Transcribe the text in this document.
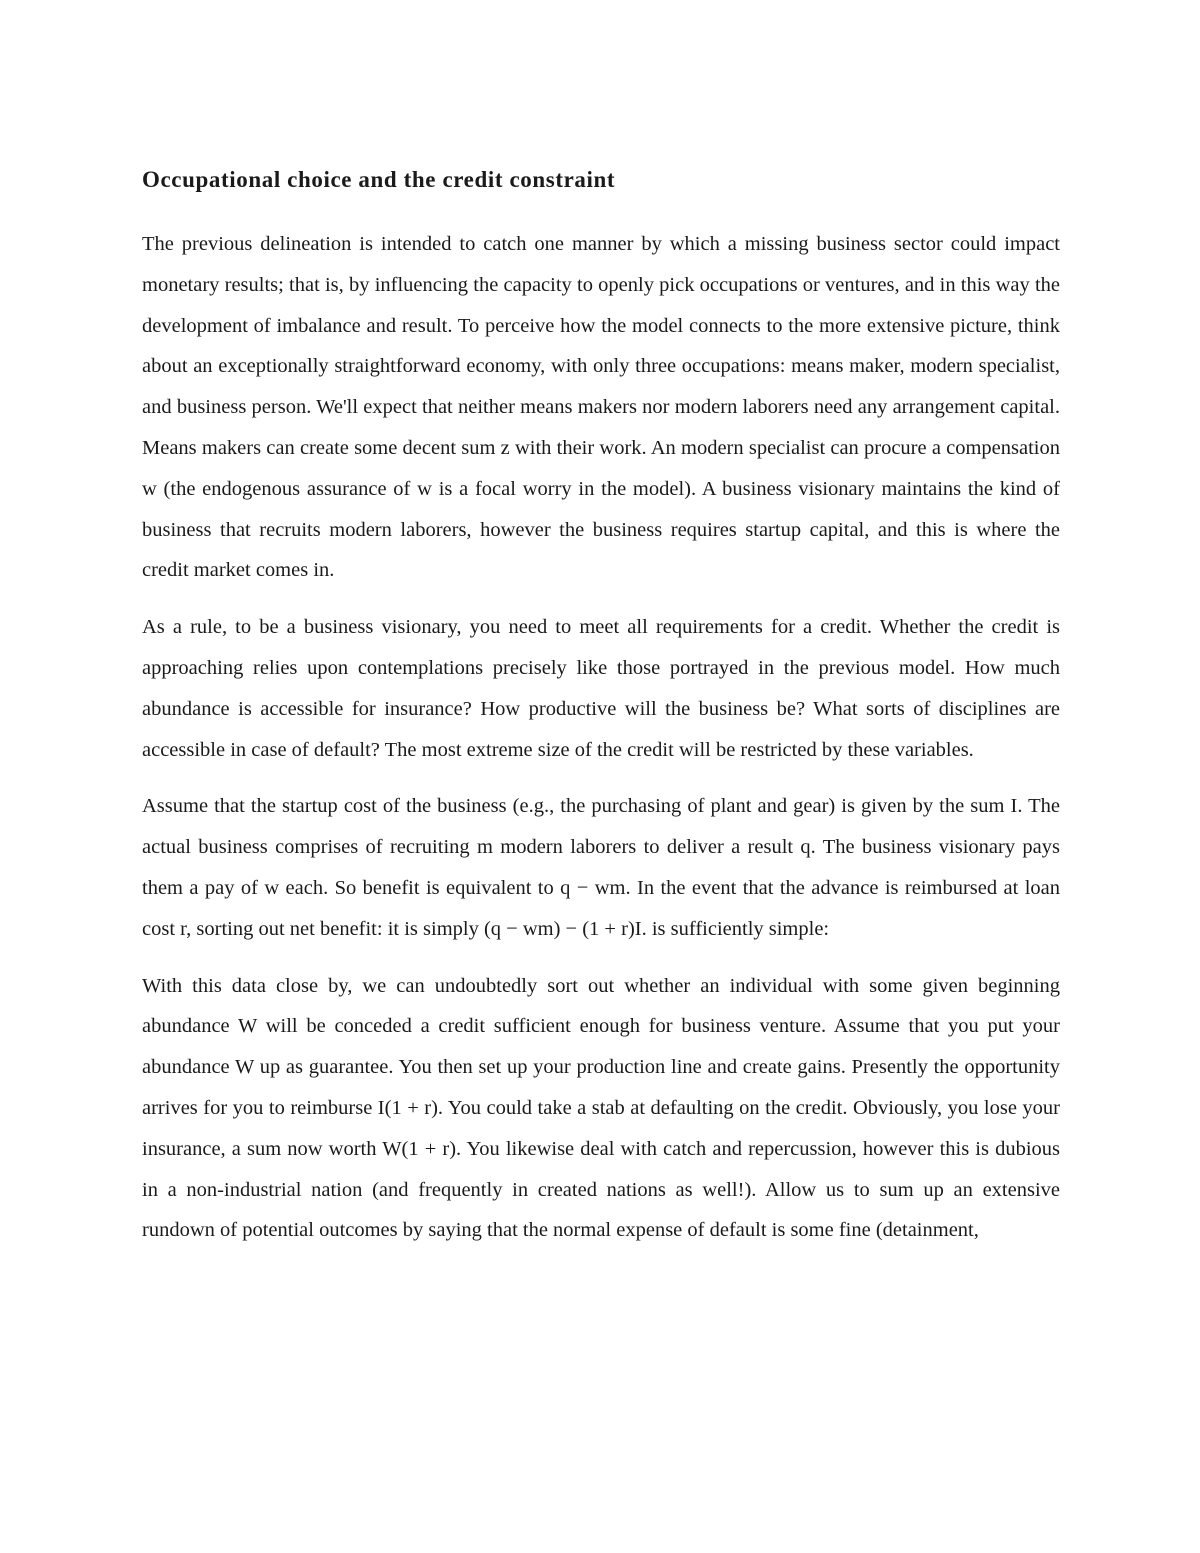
Occupational choice and the credit constraint

The previous delineation is intended to catch one manner by which a missing business sector could impact monetary results; that is, by influencing the capacity to openly pick occupations or ventures, and in this way the development of imbalance and result. To perceive how the model connects to the more extensive picture, think about an exceptionally straightforward economy, with only three occupations: means maker, modern specialist, and business person. We'll expect that neither means makers nor modern laborers need any arrangement capital. Means makers can create some decent sum z with their work. An modern specialist can procure a compensation w (the endogenous assurance of w is a focal worry in the model). A business visionary maintains the kind of business that recruits modern laborers, however the business requires startup capital, and this is where the credit market comes in.

As a rule, to be a business visionary, you need to meet all requirements for a credit. Whether the credit is approaching relies upon contemplations precisely like those portrayed in the previous model. How much abundance is accessible for insurance? How productive will the business be? What sorts of disciplines are accessible in case of default? The most extreme size of the credit will be restricted by these variables.

Assume that the startup cost of the business (e.g., the purchasing of plant and gear) is given by the sum I. The actual business comprises of recruiting m modern laborers to deliver a result q. The business visionary pays them a pay of w each. So benefit is equivalent to q − wm. In the event that the advance is reimbursed at loan cost r, sorting out net benefit: it is simply (q − wm) − (1 + r)I. is sufficiently simple:

With this data close by, we can undoubtedly sort out whether an individual with some given beginning abundance W will be conceded a credit sufficient enough for business venture. Assume that you put your abundance W up as guarantee. You then set up your production line and create gains. Presently the opportunity arrives for you to reimburse I(1 + r). You could take a stab at defaulting on the credit. Obviously, you lose your insurance, a sum now worth W(1 + r). You likewise deal with catch and repercussion, however this is dubious in a non-industrial nation (and frequently in created nations as well!). Allow us to sum up an extensive rundown of potential outcomes by saying that the normal expense of default is some fine (detainment,
